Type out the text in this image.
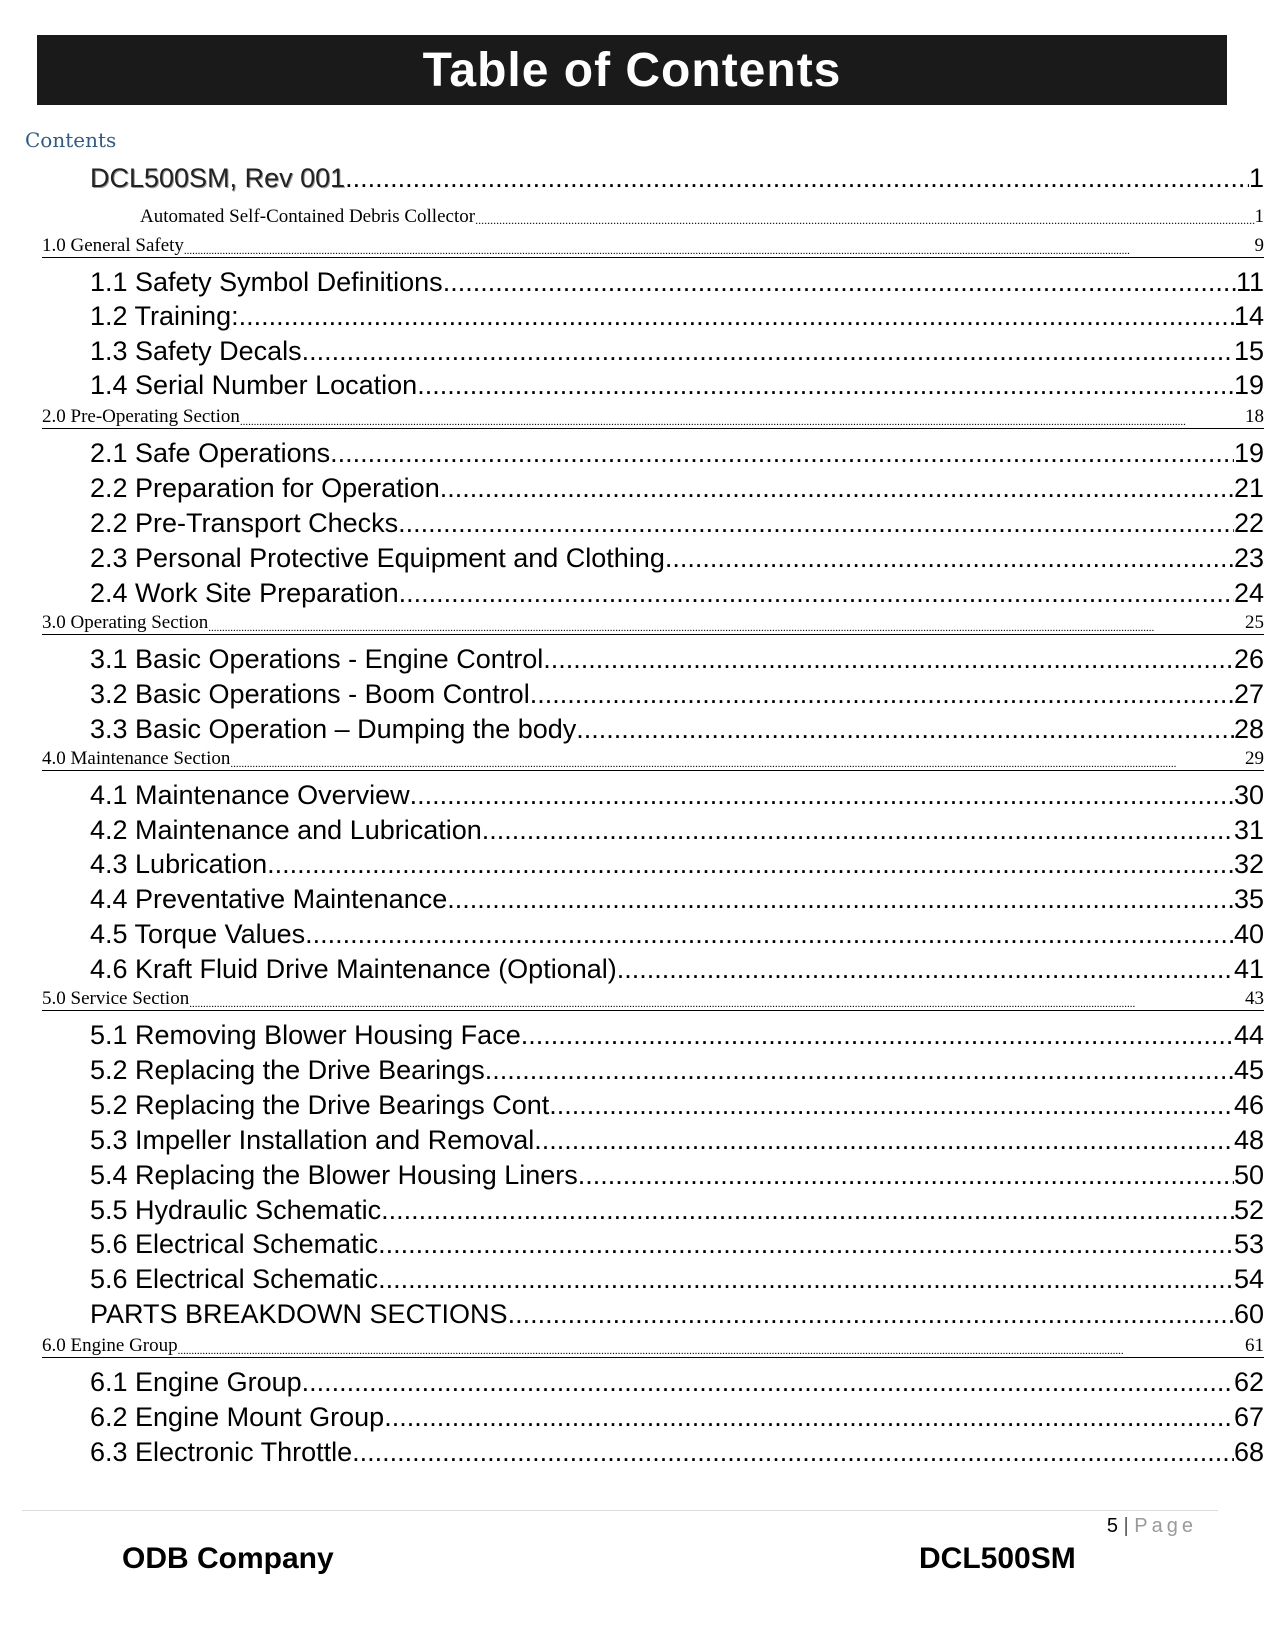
Table of Contents
Contents
DCL500SM, Rev 001 .....	1
Automated Self-Contained Debris Collector .....	1
1.0 General Safety .....	9
1.1 Safety Symbol Definitions .....	11
1.2 Training: .....	14
1.3 Safety Decals .....	15
1.4 Serial Number Location .....	19
2.0 Pre-Operating Section .....	18
2.1 Safe Operations .....	19
2.2 Preparation for Operation .....	21
2.2 Pre-Transport Checks .....	22
2.3 Personal Protective Equipment and Clothing .....	23
2.4 Work Site Preparation .....	24
3.0 Operating Section .....	25
3.1 Basic Operations - Engine Control .....	26
3.2 Basic Operations - Boom Control .....	27
3.3 Basic Operation – Dumping the body .....	28
4.0 Maintenance Section .....	29
4.1 Maintenance Overview .....	30
4.2 Maintenance and Lubrication .....	31
4.3 Lubrication .....	32
4.4 Preventative Maintenance .....	35
4.5 Torque Values .....	40
4.6 Kraft Fluid Drive Maintenance (Optional) .....	41
5.0 Service Section .....	43
5.1 Removing Blower Housing Face .....	44
5.2 Replacing the Drive Bearings .....	45
5.2 Replacing the Drive Bearings Cont. .....	46
5.3 Impeller Installation and Removal .....	48
5.4 Replacing the Blower Housing Liners .....	50
5.5 Hydraulic Schematic .....	52
5.6 Electrical Schematic .....	53
5.6 Electrical Schematic .....	54
PARTS BREAKDOWN SECTIONS .....	60
6.0 Engine Group .....	61
6.1 Engine Group .....	62
6.2 Engine Mount Group .....	67
6.3 Electronic Throttle .....	68
5 | Page
ODB Company	DCL500SM
